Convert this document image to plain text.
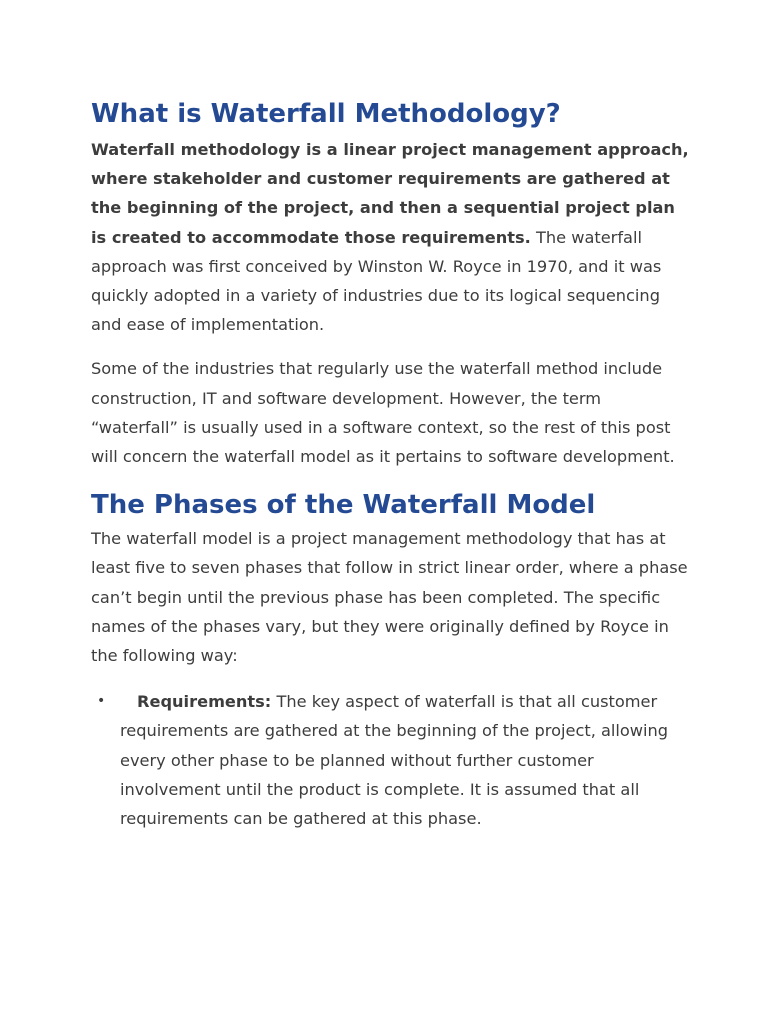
What is Waterfall Methodology?

Waterfall methodology is a linear project management approach, where stakeholder and customer requirements are gathered at the beginning of the project, and then a sequential project plan is created to accommodate those requirements. The waterfall approach was first conceived by Winston W. Royce in 1970, and it was quickly adopted in a variety of industries due to its logical sequencing and ease of implementation.

Some of the industries that regularly use the waterfall method include construction, IT and software development. However, the term “waterfall” is usually used in a software context, so the rest of this post will concern the waterfall model as it pertains to software development.

The Phases of the Waterfall Model

The waterfall model is a project management methodology that has at least five to seven phases that follow in strict linear order, where a phase can’t begin until the previous phase has been completed. The specific names of the phases vary, but they were originally defined by Royce in the following way:

• Requirements: The key aspect of waterfall is that all customer requirements are gathered at the beginning of the project, allowing every other phase to be planned without further customer involvement until the product is complete. It is assumed that all requirements can be gathered at this phase.
